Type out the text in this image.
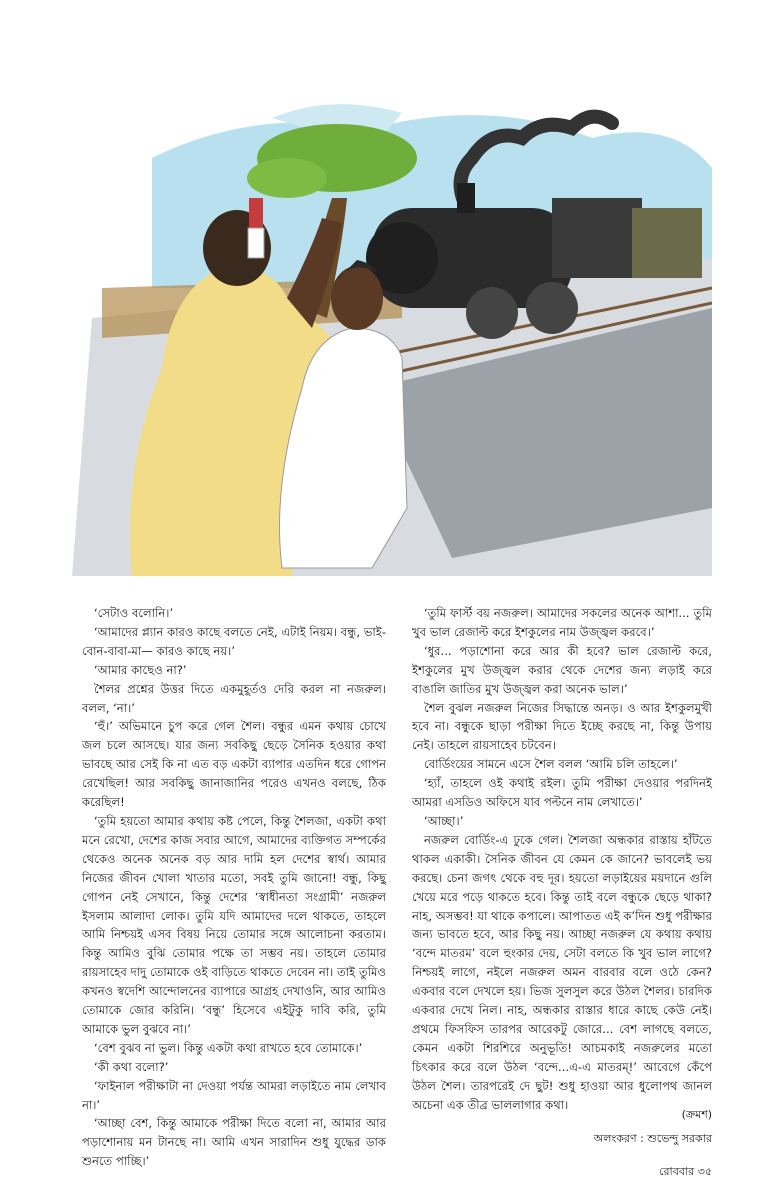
‘সেটাও বলোনি।’

‘আমাদের প্ল্যান কারও কাছে বলতে নেই, এটাই নিয়ম। বন্ধু, ভাই-বোন-বাবা-মা— কারও কাছে নয়।’

‘আমার কাছেও না?’

শৈলর প্রশ্নের উত্তর দিতে একমুহূর্তও দেরি করল না নজরুল। বলল, ‘না।’

‘হুঁ।’ অভিমানে চুপ করে গেল শৈল। বন্ধুর এমন কথায় চোখে জল চলে আসছে। যার জন্য সবকিছু ছেড়ে সৈনিক হওয়ার কথা ভাবছে আর সেই কি না এত বড় একটা ব্যাপার এতদিন ধরে গোপন রেখেছিল! আর সবকিছু জানাজানির পরেও এখনও বলছে, ঠিক করেছিল!

‘তুমি হয়তো আমার কথায় কষ্ট পেলে, কিন্তু শৈলজা, একটা কথা মনে রেখো, দেশের কাজ সবার আগে, আমাদের ব্যক্তিগত সম্পর্কের থেকেও অনেক অনেক বড় আর দামি হল দেশের স্বার্থ। আমার নিজের জীবন খোলা খাতার মতো, সবই তুমি জানো! বন্ধু, কিছু গোপন নেই সেখানে, কিন্তু দেশের ‘স্বাধীনতা সংগ্রামী’ নজরুল ইসলাম আলাদা লোক। তুমি যদি আমাদের দলে থাকতে, তাহলে আমি নিশ্চয়ই এসব বিষয় নিয়ে তোমার সঙ্গে আলোচনা করতাম। কিন্তু আমিও বুঝি তোমার পক্ষে তা সম্ভব নয়। তাহলে তোমার রায়সাহেব দাদু তোমাকে ওই বাড়িতে থাকতে দেবেন না। তাই তুমিও কখনও স্বদেশি আন্দোলনের ব্যাপারে আগ্রহ দেখাওনি, আর আমিও তোমাকে জোর করিনি। ‘বন্ধু’ হিসেবে এইটুকু দাবি করি, তুমি আমাকে ভুল বুঝবে না।’

‘বেশ বুঝব না ভুল। কিন্তু একটা কথা রাখতে হবে তোমাকে।’

‘কী কথা বলো?’

‘ফাইনাল পরীক্ষাটা না দেওয়া পর্যন্ত আমরা লড়াইতে নাম লেখাব না।’

‘আচ্ছা বেশ, কিন্তু আমাকে পরীক্ষা দিতে বলো না, আমার আর পড়াশোনায় মন টানছে না। আমি এখন সারাদিন শুধু যুদ্ধের ডাক শুনতে পাচ্ছি।’

‘তুমি ফার্স্ট বয় নজরুল। আমাদের সকলের অনেক আশা... তুমি খুব ভাল রেজাল্ট করে ইশকুলের নাম উজ্জ্বল করবে।’

‘ধুর... পড়াশোনা করে আর কী হবে? ভাল রেজাল্ট করে, ইশকুলের মুখ উজ্জ্বল করার থেকে দেশের জন্য লড়াই করে বাঙালি জাতির মুখ উজ্জ্বল করা অনেক ভাল।’

শৈল বুঝল নজরুল নিজের সিদ্ধান্তে অনড়। ও আর ইশকুলমুখী হবে না। বন্ধুকে ছাড়া পরীক্ষা দিতে ইচ্ছে করছে না, কিন্তু উপায় নেই। তাহলে রায়সাহেব চটবেন।

বোর্ডিংয়ের সামনে এসে শৈল বলল ‘আমি চলি তাহলে।’

‘হ্যাঁ, তাহলে ওই কথাই রইল। তুমি পরীক্ষা দেওয়ার পরদিনই আমরা এসডিও অফিসে যাব পল্টনে নাম লেখাতে।’

‘আচ্ছা।’

নজরুল বোর্ডিং-এ ঢুকে গেল। শৈলজা অন্ধকার রাস্তায় হাঁটতে থাকল একাকী। সৈনিক জীবন যে কেমন কে জানে? ভাবলেই ভয় করছে। চেনা জগৎ থেকে বহু দূর। হয়তো লড়াইয়ের ময়দানে গুলি খেয়ে মরে পড়ে থাকতে হবে। কিন্তু তাই বলে বন্ধুকে ছেড়ে থাকা? নাহ, অসম্ভব! যা থাকে কপালে। আপাতত এই ক’দিন শুধু পরীক্ষার জন্য ভাবতে হবে, আর কিছু নয়। আচ্ছা নজরুল যে কথায় কথায় ‘বন্দে মাতরম’ বলে হুংকার দেয়, সেটা বলতে কি খুব ভাল লাগে? নিশ্চয়ই লাগে, নইলে নজরুল অমন বারবার বলে ওঠে কেন? একবার বলে দেখলে হয়। ভিজ সুলসুল করে উঠল শৈলর। চারদিক একবার দেখে নিল। নাহ, অন্ধকার রাস্তার ধারে কাছে কেউ নেই। প্রথমে ফিসফিস তারপর আরেকটু জোরে... বেশ লাগছে বলতে, কেমন একটা শিরশিরে অনুভূতি! আচমকাই নজরুলের মতো চিৎকার করে বলে উঠল ‘বন্দে...এ-এ মাতরম্‌!’ আবেগে কেঁপে উঠল শৈল। তারপরেই দে ছুট! শুধু হাওয়া আর ধুলোপথ জানল অচেনা এক তীব্র ভাললাগার কথা।

(ক্রমশ)
অলংকরণ : শুভেন্দু সরকার
রোববার ৩৫
